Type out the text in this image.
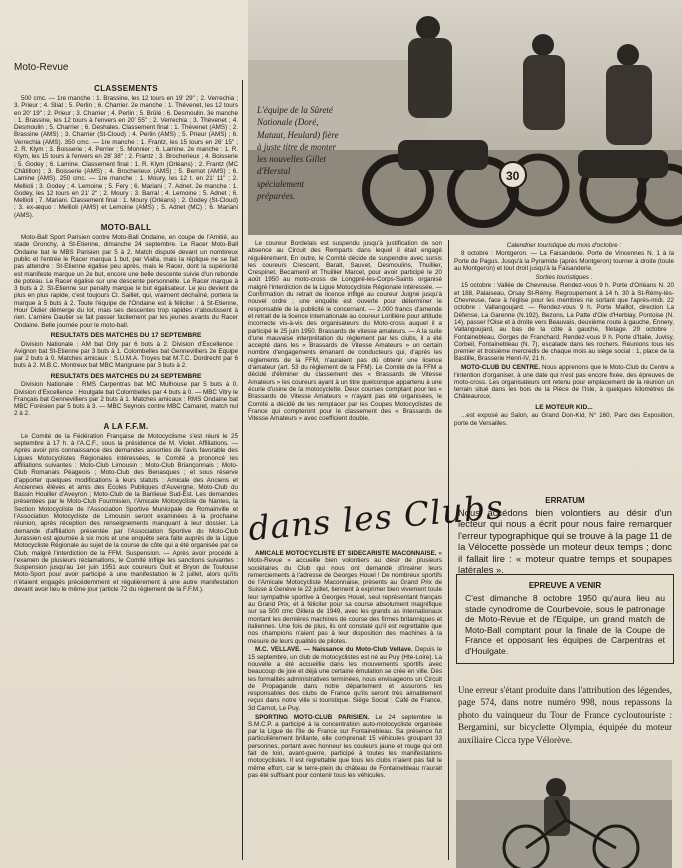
Moto-Revue
30
L'équipe de la Sûreté Nationale (Doré, Mataut, Heulard) fière à juste titre de monter les nouvelles Gillet d'Herstal spécialement préparées.
CLASSEMENTS

500 cmc. — 1re manche : 1. Brassine, les 12 tours en 19' 29" ; 2. Verrechia ; 3. Prieur ; 4. Sliat ; 5. Perlin ; 6. Charrier. 2e manche : 1. Thévenet, les 12 tours en 20' 19" ; 2. Prieur ; 3. Charrier ; 4. Perlin ; 5. Brûlé ; 6. Desmoulin. 3e manche : 1. Brassine, les 12 tours à l'envers en 20' 55" ; 2. Verrechia ; 3. Thévenet ; 4. Desmoulin ; 5. Charrier ; 6. Deshales. Classement final : 1. Thévenet (AMS) ; 2. Brassine (AMS) ; 3. Charrier (St-Cloud) ; 4. Perlin (AMS) ; 5. Prieur (AMS) ; 6. Verrechia (AMS). 350 cmc. — 1re manche : 1. Frantz, les 15 tours en 26' 15" ; 2. R. Klym ; 3. Boisserie ; 4. Perrier ; 5. Monnier ; 6. Lamine. 2e manche : 1. R. Klym, les 15 tours à l'envers en 28' 38" ; 2. Frantz ; 3. Brocherieux ; 4. Boisserie ; 5. Godey ; 6. Lamine. Classement final : 1. R. Klym (Orléans) ; 2. Frantz (MC Châtillon) ; 3. Boisserie (AMS) ; 4. Brocherieux (AMS) ; 5. Bernot (AMS) ; 6. Lamine (AMS). 250 cmc. — 1re manche : 1. Moury, les 12 t. en 21' 11" ; 2. Mellioli ; 3. Godey ; 4. Lemoine ; 5. Fery ; 6. Mariani ; 7. Adnet. 2e manche : 1. Godey, les 12 tours en 21' 2" ; 2. Moury ; 3. Barral ; 4. Lemoine ; 5. Adnet ; 6. Mellioli ; 7. Mariani. Classement final : 1. Moury (Orléans) ; 2. Godey (St-Cloud) ; 3. ex-æquo : Mellioli (AMS) et Lemoine (AMS) ; 5. Adnet (MC) ; 6. Mariani (AMS).

MOTO-BALL

Moto-Ball Sport Parisien contre Moto-Ball Ondaine, en coupe de l'Amitié, au stade Gronchy, à St-Etienne, dimanche 24 septembre. Le Racer Moto-Ball Ondaine bat le MBS Parisien par 5 à 2. Match disputé devant un nombreux public et l'entrée le Racer marqua 1 but, par Vialla, mais la réplique ne se fait pas attendre : St-Etienne égalise peu après, mais le Racer, dont la supériorité est manifeste marque un 2e but, encore une belle descente suivie d'un rebonde de poteau. Le Racer égalise sur une descente personnelle. Le Racer marque à 3 buts à 2. St-Etienne sur penalty marque le but égalisateur. Le jeu devient de plus en plus rapide, c'est toujours Cl. Saillet, qui, vraiment déchaîné, portera la marque à 5 buts à 2. Toute l'équipe de l'Ondaine est à féliciter : à St-Etienne, Hour Didier démerge du lot, mais ses descentes trop rapides n'aboutissent à rien. L'arrière Dautier se fait passer facilement par les jeunes avants du Racer Ondaine. Belle journée pour le moto-ball.

RESULTATS DES MATCHES DU 17 SEPTEMBRE

Division Nationale : AM bat Orly par 6 buts à 2. Division d'Excellence : Avignon bat St-Etienne par 3 buts à 1. Colombelles bat Gennevilliers 2e Equipe par 2 buts à 0. Matches amicaux : S.U.M.A. Troyes bat M.T.C. Dordrecht par 6 buts à 2. M.B.C. Montreux bat MBC Marignane par 3 buts à 2.

RESULTATS DES MATCHES DU 24 SEPTEMBRE

Division Nationale : RMS Carpentras bat MC Mulhouse par 5 buts à 0. Division d'Excellence : Houlgate bat Colombelles par 4 buts à 0. — MBC Vitry le Français bat Gennevilliers par 2 buts à 1. Matches amicaux : RMS Ondaine bat MBC Forésien par 5 buts à 3. — MBC Seynois contre MBC Camaret, match nul 2 à 2.

A LA F.F.M.

Le Comité de la Fédération Française de Motocyclisme s'est réuni le 25 septembre à 17 h. à l'A.C.F., sous la présidence de M. Violet. Affiliations. — Après avoir pris connaissance des demandes assorties de l'avis favorable des Ligues Motocyclistes Régionales intéressées, le Comité a prononcé les affiliations suivantes : Moto-Club Limousin ; Moto-Club Briançonnais ; Moto-Club Romanais Péageois ; Moto-Club des Benasques ; et sous réserve d'apporter quelques modifications à leurs statuts : Amicale des Anciens et Anciennes élèves et amis des Ecoles Publiques d'Auvergne, Moto-Club du Bassin Houiller d'Aveyron ; Moto-Club de la Banlieue Sud-Est. Les demandes présentées par le Moto-Club Fourmisien, l'Amicale Motocycliste de Nantes, la Section Motocycliste de l'Association Sportive Municipale de Romainville et l'Association Motocycliste de Limousin seront examinées à la prochaine réunion, après réception des renseignements manquant à leur dossier. La demande d'affiliation présentée par l'Association Sportive du Moto-Club Jurassien est ajournée à six mois et une enquête sera faite auprès de la Ligue Motocycliste Régionale au sujet de la course de côte qui a été organisée par ce Club, malgré l'interdiction de la FFM. Suspension. — Après avoir procédé à l'examen de plusieurs réclamations, le Comité inflige les sanctions suivantes : Suspension jusqu'au 1er juin 1951 aux coureurs Guit et Bryon de Toulouse Moto-Sport pour avoir participé à une manifestation le 2 juillet, alors qu'ils n'étaient engagés précédemment et régulièrement à une autre manifestation devant avoir lieu le même jour (article 72 du règlement de la F.F.M.).

Le coureur Bordelais est suspendu jusqu'à justification de son absence au Circuit des Remparts dans lequel il était engagé régulièrement. En outre, le Comité décide de suspendre avec sursis les coureurs Crescent, Baralt, Sauvet, Desmoulins, Thuillier, Crespinet, Becamenil et Thuillier Marcel, pour avoir participé le 20 août 1950 au moto-cross de Longpré-les-Corps-Saints organisé malgré l'interdiction de la Ligue Motocycliste Régionale intéressée. — Confirmation du retrait de licence infligé au coureur Juigné jusqu'à nouvel ordre ; une enquête est ouverte pour déterminer le responsable de la publicité le concernant. — 2.000 francs d'amende et retrait de la licence internationale au coureur Lorillière pour attitude incorrecte vis-à-vis des organisateurs du Moto-cross auquel il a participé le 25 juin 1950. Brassards de vitesse amateurs. — A la suite d'une mauvaise interprétation du règlement par les clubs, il a été accepté dans les « Brassards de Vitesse Amateurs » un certain nombre d'engagements émanant de conducteurs qui, d'après les règlements de la FFM, n'auraient pas dû obtenir une licence d'amateur (art. 53 du règlement de la FFM). Le Comité de la FFM a décidé d'éliminer du classement des « Brassards de Vitesse Amateurs » les coureurs ayant à un titre quelconque appartenu à une écurie d'usine de la motocyclette. Deux courses comptant pour les « Brassards de Vitesse Amateurs » n'ayant pas été organisées, le Comité a décidé de les remplacer par les Coupes Motocyclistes de France qui compteront pour le classement des « Brassards de Vitesse Amateurs » avec coefficient double.

dans les Clubs

AMICALE MOTOCYCLISTE ET SIDECARISTE MACONNAISE. « Moto-Revue » accueille bien volontiers au désir de plusieurs sociétaires du Club qui nous ont demandé d'insérer leurs remerciements à l'adresse de Georges Houel ! De nombreux sportifs de l'Amicale Motocycliste Maconnaise, présents au Grand Prix de Suisse à Genève le 22 juillet, tiennent à exprimer bien vivement toute leur sympathie sportive à Georges Houel, seul représentant français au Grand Prix, et à féliciter pour sa course absolument magnifique sur sa 500 cmc Gillera de 1949, avec les grands as internationaux montant les dernières machines de course des firmes britanniques et italiennes. Une fois de plus, ils ont constaté qu'il est regrettable que nos champions n'aient pas à leur disposition des machines à la mesure de leurs qualités de pilotes.

M.C. VELLAVE. — Naissance du Moto-Club Vellave. Depuis le 15 septembre, un club de motocyclistes est né au Puy (Hte-Loire). La nouvelle a été accueillie dans les mouvements sportifs avec beaucoup de joie et déjà une certaine émulation se crée en ville. Dès les formalités administratives terminées, nous envisageons un Circuit de Propagande dans notre département et assurons les responsables des clubs de France qu'ils seront très aimablement reçus dans notre ville si touristique. Siège Social : Café de France, 3d Carnot, Le Puy.

SPORTING MOTO-CLUB PARISIEN. Le 24 septembre le S.M.C.P. a participé à la concentration auto-motocycliste organisée par la Ligue de l'Ile de France sur Fontainebleau. Sa présence fut particulièrement brillante, elle comprenait 15 véhicules groupant 33 personnes, portant avec honneur les couleurs jaune et rouge qui ont fait de loin, avant-guerre, participé à toutes les manifestations motocyclistes. Il est regrettable que tous les clubs n'aient pas fait le même effort, car le terre-plein du château de Fontainebleau n'aurait pas été suffisant pour contenir tous les véhicules.

Calendrier touristique du mois d'octobre :

8 octobre : Montgeron. — La Faisanderie. Porte de Vincennes N. 1 à la Porte de Pagus. Jusqu'à la Pyramide (après Montgeron) tourner à droite (toute au Montgeron) et tout droit jusqu'à la Faisanderie.

Sorties touristiques :

15 octobre : Vallée de Chevreuse. Rendez-vous 9 h. Porte d'Orléans N. 20 et 188, Palaiseau, Orsay St-Rémy. Regroupement à 14 h. 30 à St-Rémy-lès-Chevreuse, face à l'église pour les membres ne sortant que l'après-midi. 22 octobre : Vallangoujard. — Rendez-vous 9 h. Porte Maillot, direction La Défense, La Garenne (N.192), Bezons, La Patte d'Oie d'Herblay, Pontoise (N. 14), passer l'Oise et à droite vers Beauvais, deuxième route à gauche, Ennery, Vallangoujard, au bas de la côte à gauche, filetage. 29 octobre : Fontainebleau, Gorges de Franchard. Rendez-vous 9 h. Porte d'Italie, Juvisy, Corbeil, Fontainebleau (N. 7), escalade dans les rochers. Réunions tous les premier et troisième mercredis de chaque mois au siège social : 1, place de la Bastille, Brasserie Henri-IV, 21 h.

MOTO-CLUB DU CENTRE. Nous apprenons que le Moto-Club du Centre a l'intention d'organiser, à une date qui n'est pas encore fixée, des épreuves de moto-cross. Les organisateurs ont retenu pour emplacement de la réunion un terrain situé dans les bois de la Pièce de l'Isle, à quelques kilomètres de Châteauroux.

LE MOTEUR KID...

...est exposé au Salon, au Grand Don-Kid, N° 160, Parc des Exposition, porte de Versailles.

ERRATUM
Nous accédons bien volontiers au désir d'un lecteur qui nous a écrit pour nous faire remarquer l'erreur typographique qui se trouve à la page 11 de la Vélocette possède un moteur deux temps ; donc il fallait lire : « moteur quatre temps et soupapes latérales ».
EPREUVE A VENIR
C'est dimanche 8 octobre 1950 qu'aura lieu au stade cynodrome de Courbevoie, sous le patronage de Moto-Revue et de l'Equipe, un grand match de Moto-Ball comptant pour la finale de la Coupe de France et opposant les équipes de Carpentras et d'Houlgate.
Une erreur s'étant produite dans l'attribution des légendes, page 574, dans notre numéro 998, nous repassons la photo du vainqueur du Tour de France cycloutouriste : Bergamini, sur bicyclette Olympia, équipée du moteur auxiliaire Cicca type Vélorève.
